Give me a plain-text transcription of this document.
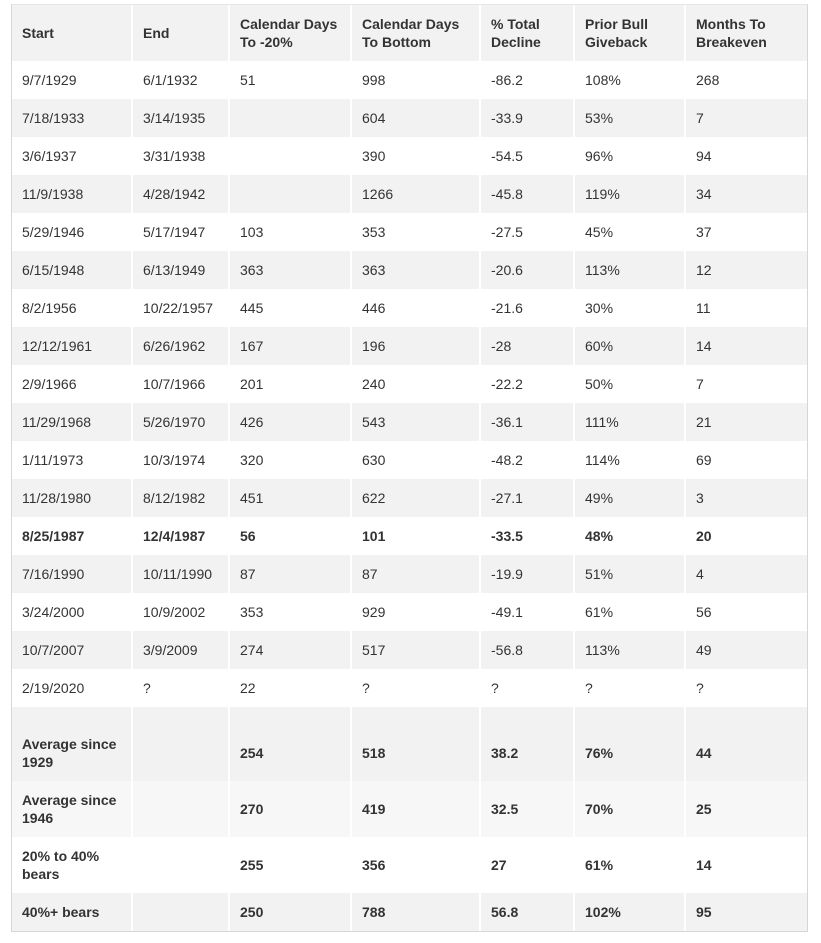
Start	End	Calendar Days To -20%	Calendar Days To Bottom	% Total Decline	Prior Bull Giveback	Months To Breakeven
9/7/1929	6/1/1932	51	998	-86.2	108%	268
7/18/1933	3/14/1935		604	-33.9	53%	7
3/6/1937	3/31/1938		390	-54.5	96%	94
11/9/1938	4/28/1942		1266	-45.8	119%	34
5/29/1946	5/17/1947	103	353	-27.5	45%	37
6/15/1948	6/13/1949	363	363	-20.6	113%	12
8/2/1956	10/22/1957	445	446	-21.6	30%	11
12/12/1961	6/26/1962	167	196	-28	60%	14
2/9/1966	10/7/1966	201	240	-22.2	50%	7
11/29/1968	5/26/1970	426	543	-36.1	111%	21
1/11/1973	10/3/1974	320	630	-48.2	114%	69
11/28/1980	8/12/1982	451	622	-27.1	49%	3
8/25/1987	12/4/1987	56	101	-33.5	48%	20
7/16/1990	10/11/1990	87	87	-19.9	51%	4
3/24/2000	10/9/2002	353	929	-49.1	61%	56
10/7/2007	3/9/2009	274	517	-56.8	113%	49
2/19/2020	?	22	?	?	?	?

Average since 1929		254	518	38.2	76%	44
Average since 1946		270	419	32.5	70%	25
20% to 40% bears		255	356	27	61%	14
40%+ bears		250	788	56.8	102%	95
